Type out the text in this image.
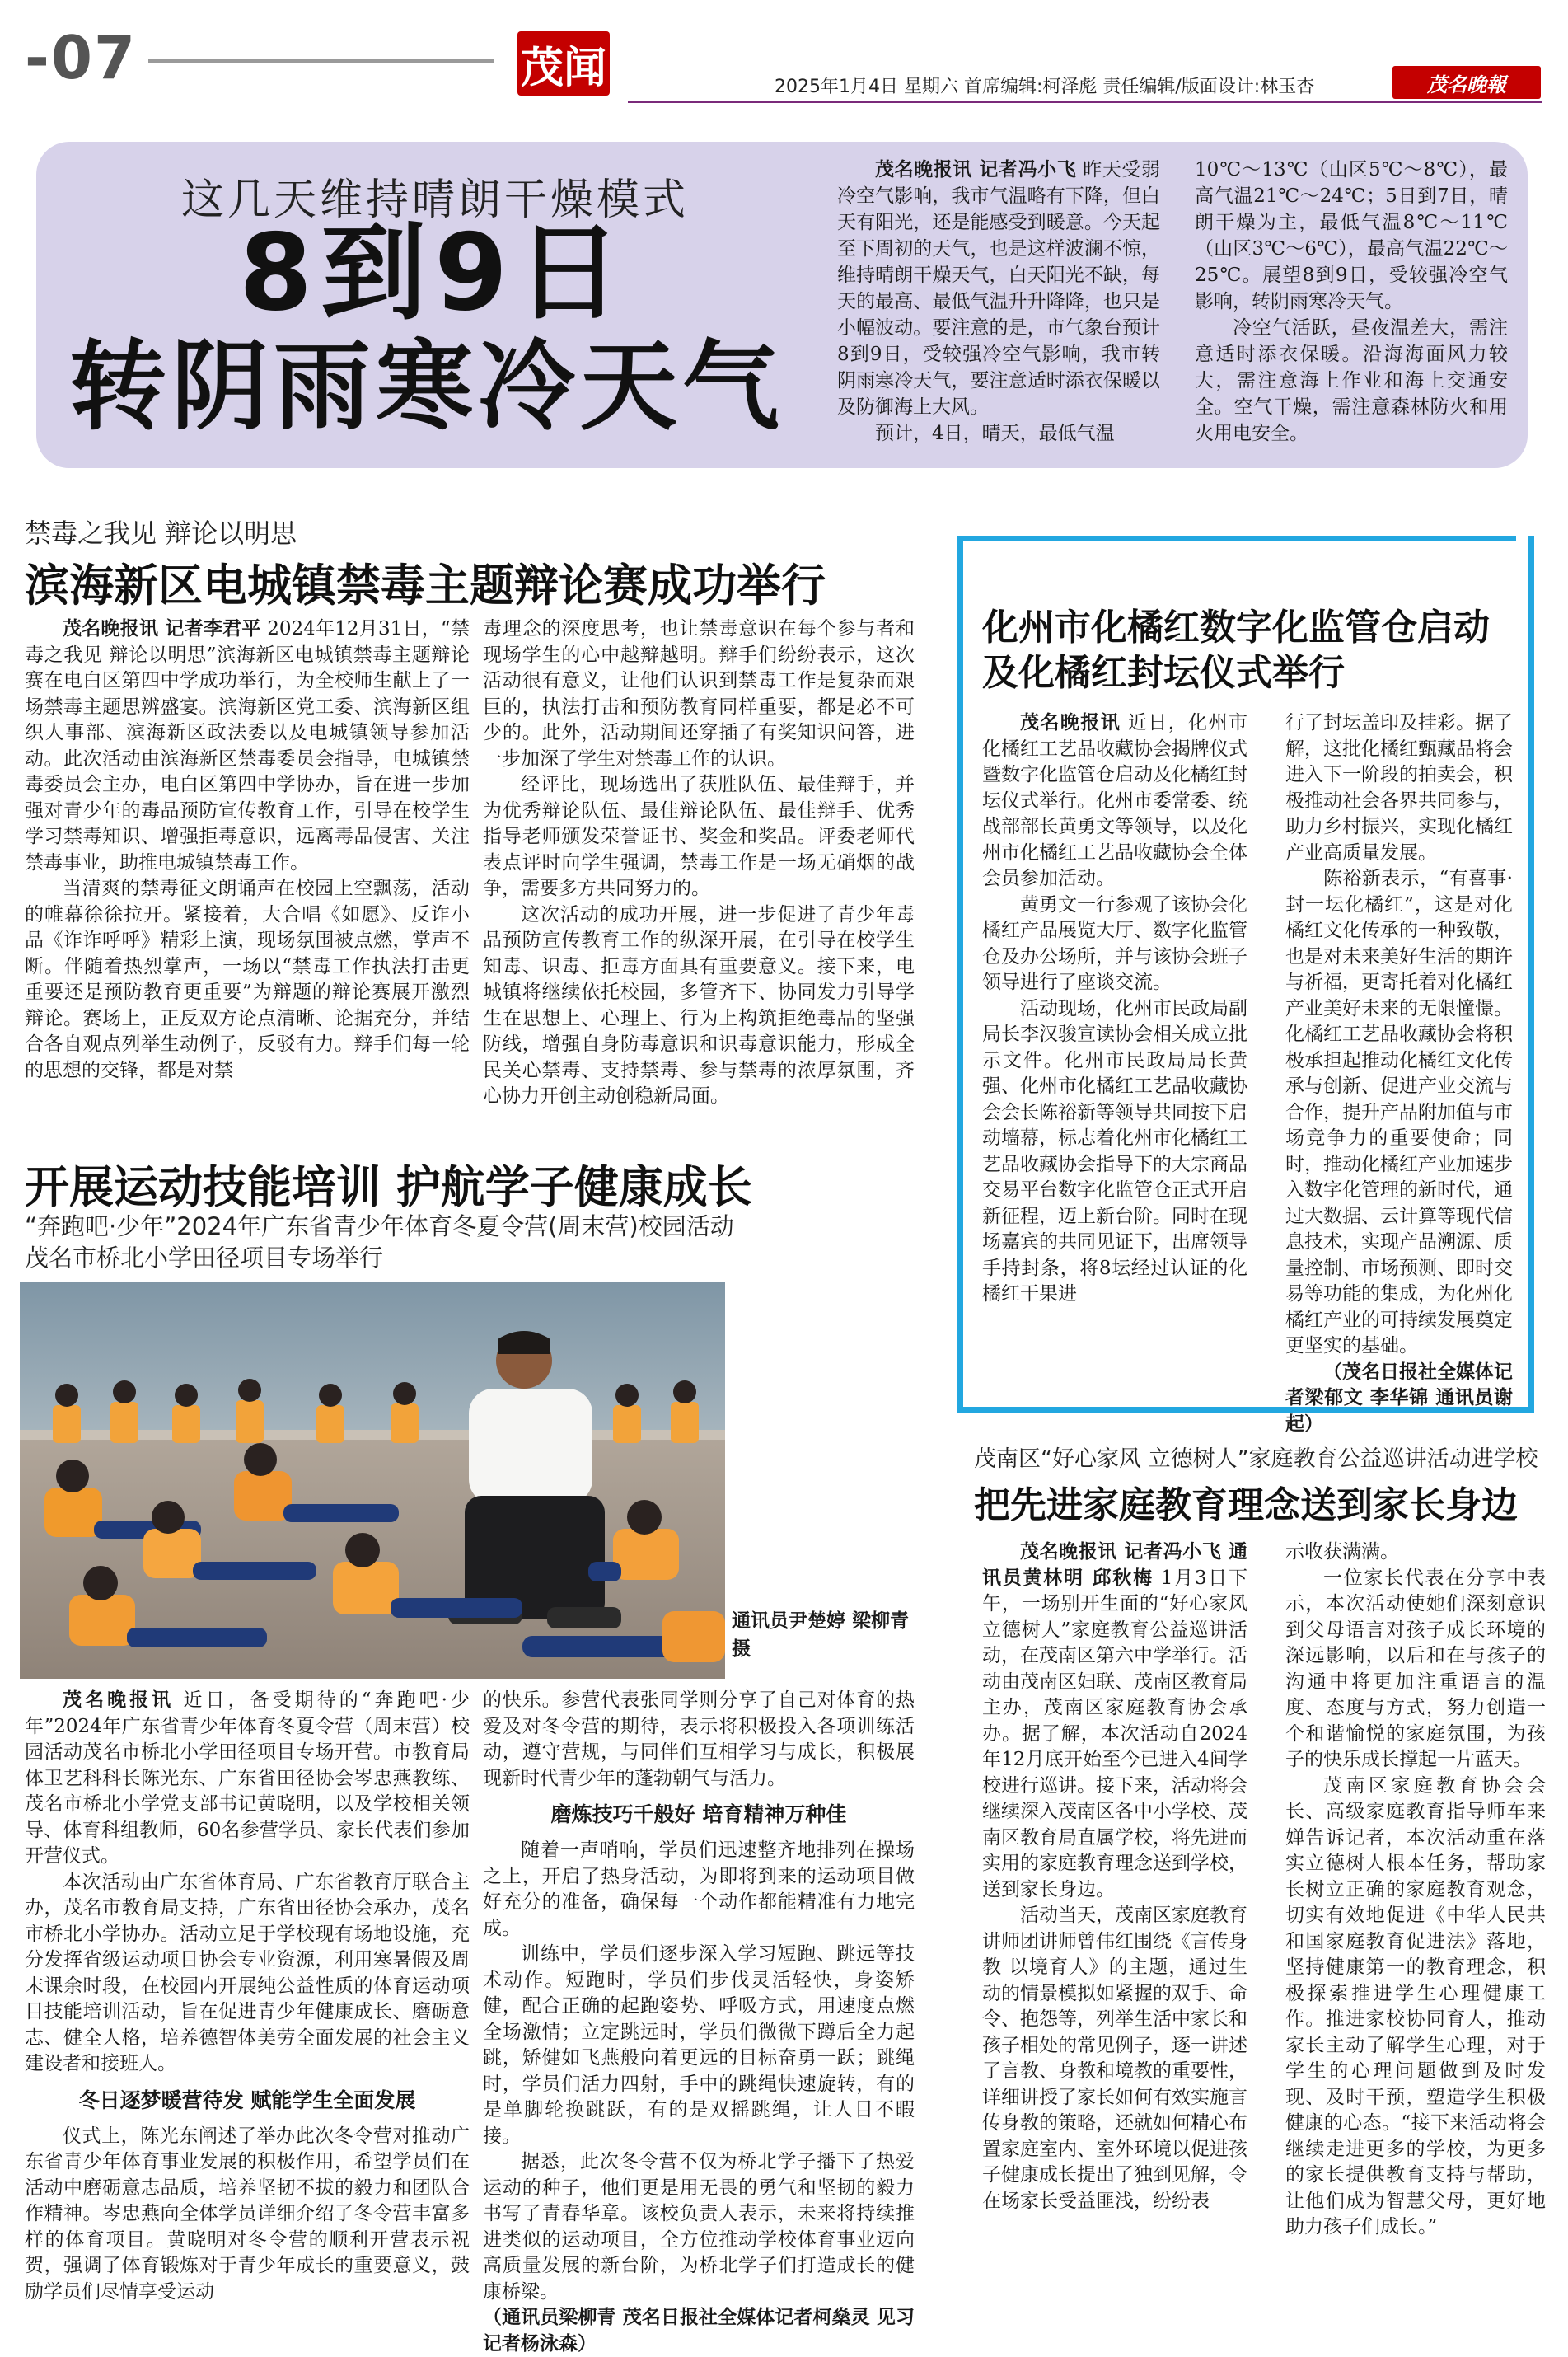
-07	茂闻	2025年1月4日 星期六 首席编辑:柯泽彪 责任编辑/版面设计:林玉杏	茂名晚報
这几天维持晴朗干燥模式
8到9日
转阴雨寒冷天气

茂名晚报讯 记者冯小飞 昨天受弱冷空气影响，我市气温略有下降，但白天有阳光，还是能感受到暖意。今天起至下周初的天气，也是这样波澜不惊，维持晴朗干燥天气，白天阳光不缺，每天的最高、最低气温升升降降，也只是小幅波动。要注意的是，市气象台预计8到9日，受较强冷空气影响，我市转阴雨寒冷天气，要注意适时添衣保暖以及防御海上大风。

预计，4日，晴天，最低气温

10℃～13℃（山区5℃～8℃），最高气温21℃～24℃；5日到7日，晴朗干燥为主，最低气温8℃～11℃（山区3℃～6℃），最高气温22℃～25℃。展望8到9日，受较强冷空气影响，转阴雨寒冷天气。

冷空气活跃，昼夜温差大，需注意适时添衣保暖。沿海海面风力较大，需注意海上作业和海上交通安全。空气干燥，需注意森林防火和用火用电安全。

禁毒之我见 辩论以明思
滨海新区电城镇禁毒主题辩论赛成功举行

茂名晚报讯 记者李君平 2024年12月31日，“禁毒之我见 辩论以明思”滨海新区电城镇禁毒主题辩论赛在电白区第四中学成功举行，为全校师生献上了一场禁毒主题思辨盛宴。滨海新区党工委、滨海新区组织人事部、滨海新区政法委以及电城镇领导参加活动。此次活动由滨海新区禁毒委员会指导，电城镇禁毒委员会主办，电白区第四中学协办，旨在进一步加强对青少年的毒品预防宣传教育工作，引导在校学生学习禁毒知识、增强拒毒意识，远离毒品侵害、关注禁毒事业，助推电城镇禁毒工作。

当清爽的禁毒征文朗诵声在校园上空飘荡，活动的帷幕徐徐拉开。紧接着，大合唱《如愿》、反诈小品《诈诈呼呼》精彩上演，现场氛围被点燃，掌声不断。伴随着热烈掌声，一场以“禁毒工作执法打击更重要还是预防教育更重要”为辩题的辩论赛展开激烈辩论。赛场上，正反双方论点清晰、论据充分，并结合各自观点列举生动例子，反驳有力。辩手们每一轮的思想的交锋，都是对禁

毒理念的深度思考，也让禁毒意识在每个参与者和现场学生的心中越辩越明。辩手们纷纷表示，这次活动很有意义，让他们认识到禁毒工作是复杂而艰巨的，执法打击和预防教育同样重要，都是必不可少的。此外，活动期间还穿插了有奖知识问答，进一步加深了学生对禁毒工作的认识。

经评比，现场选出了获胜队伍、最佳辩手，并为优秀辩论队伍、最佳辩论队伍、最佳辩手、优秀指导老师颁发荣誉证书、奖金和奖品。评委老师代表点评时向学生强调，禁毒工作是一场无硝烟的战争，需要多方共同努力的。

这次活动的成功开展，进一步促进了青少年毒品预防宣传教育工作的纵深开展，在引导在校学生知毒、识毒、拒毒方面具有重要意义。接下来，电城镇将继续依托校园，多管齐下、协同发力引导学生在思想上、心理上、行为上构筑拒绝毒品的坚强防线，增强自身防毒意识和识毒意识能力，形成全民关心禁毒、支持禁毒、参与禁毒的浓厚氛围，齐心协力开创主动创稳新局面。

开展运动技能培训 护航学子健康成长
“奔跑吧·少年”2024年广东省青少年体育冬夏令营(周末营)校园活动
茂名市桥北小学田径项目专场举行
通讯员尹楚婷 梁柳青 摄

茂名晚报讯 近日，备受期待的“奔跑吧·少年”2024年广东省青少年体育冬夏令营（周末营）校园活动茂名市桥北小学田径项目专场开营。市教育局体卫艺科科长陈光东、广东省田径协会岑忠燕教练、茂名市桥北小学党支部书记黄晓明，以及学校相关领导、体育科组教师，60名参营学员、家长代表们参加开营仪式。

本次活动由广东省体育局、广东省教育厅联合主办，茂名市教育局支持，广东省田径协会承办，茂名市桥北小学协办。活动立足于学校现有场地设施，充分发挥省级运动项目协会专业资源，利用寒暑假及周末课余时段，在校园内开展纯公益性质的体育运动项目技能培训活动，旨在促进青少年健康成长、磨砺意志、健全人格，培养德智体美劳全面发展的社会主义建设者和接班人。

冬日逐梦暖营待发 赋能学生全面发展

仪式上，陈光东阐述了举办此次冬令营对推动广东省青少年体育事业发展的积极作用，希望学员们在活动中磨砺意志品质，培养坚韧不拔的毅力和团队合作精神。岑忠燕向全体学员详细介绍了冬令营丰富多样的体育项目。黄晓明对冬令营的顺利开营表示祝贺，强调了体育锻炼对于青少年成长的重要意义，鼓励学员们尽情享受运动

的快乐。参营代表张同学则分享了自己对体育的热爱及对冬令营的期待，表示将积极投入各项训练活动，遵守营规，与同伴们互相学习与成长，积极展现新时代青少年的蓬勃朝气与活力。

磨炼技巧千般好 培育精神万种佳

随着一声哨响，学员们迅速整齐地排列在操场之上，开启了热身活动，为即将到来的运动项目做好充分的准备，确保每一个动作都能精准有力地完成。

训练中，学员们逐步深入学习短跑、跳远等技术动作。短跑时，学员们步伐灵活轻快，身姿矫健，配合正确的起跑姿势、呼吸方式，用速度点燃全场激情；立定跳远时，学员们微微下蹲后全力起跳，矫健如飞燕般向着更远的目标奋勇一跃；跳绳时，学员们活力四射，手中的跳绳快速旋转，有的是单脚轮换跳跃，有的是双摇跳绳，让人目不暇接。

据悉，此次冬令营不仅为桥北学子播下了热爱运动的种子，他们更是用无畏的勇气和坚韧的毅力书写了青春华章。该校负责人表示，未来将持续推进类似的运动项目，全方位推动学校体育事业迈向高质量发展的新台阶，为桥北学子们打造成长的健康桥梁。

（通讯员梁柳青 茂名日报社全媒体记者柯燊灵 见习记者杨泳森）

化州市化橘红数字化监管仓启动
及化橘红封坛仪式举行

茂名晚报讯 近日，化州市化橘红工艺品收藏协会揭牌仪式暨数字化监管仓启动及化橘红封坛仪式举行。化州市委常委、统战部部长黄勇文等领导，以及化州市化橘红工艺品收藏协会全体会员参加活动。

黄勇文一行参观了该协会化橘红产品展览大厅、数字化监管仓及办公场所，并与该协会班子领导进行了座谈交流。

活动现场，化州市民政局副局长李汉骏宣读协会相关成立批示文件。化州市民政局局长黄强、化州市化橘红工艺品收藏协会会长陈裕新等领导共同按下启动墙幕，标志着化州市化橘红工艺品收藏协会指导下的大宗商品交易平台数字化监管仓正式开启新征程，迈上新台阶。同时在现场嘉宾的共同见证下，出席领导手持封条，将8坛经过认证的化橘红干果进

行了封坛盖印及挂彩。据了解，这批化橘红甄藏品将会进入下一阶段的拍卖会，积极推动社会各界共同参与，助力乡村振兴，实现化橘红产业高质量发展。

陈裕新表示，“有喜事·封一坛化橘红”，这是对化橘红文化传承的一种致敬，也是对未来美好生活的期许与祈福，更寄托着对化橘红产业美好未来的无限憧憬。化橘红工艺品收藏协会将积极承担起推动化橘红文化传承与创新、促进产业交流与合作，提升产品附加值与市场竞争力的重要使命；同时，推动化橘红产业加速步入数字化管理的新时代，通过大数据、云计算等现代信息技术，实现产品溯源、质量控制、市场预测、即时交易等功能的集成，为化州化橘红产业的可持续发展奠定更坚实的基础。

（茂名日报社全媒体记者梁郁文 李华锦 通讯员谢起）

茂南区“好心家风 立德树人”家庭教育公益巡讲活动进学校
把先进家庭教育理念送到家长身边

茂名晚报讯 记者冯小飞 通讯员黄林明 邱秋梅 1月3日下午，一场别开生面的“好心家风 立德树人”家庭教育公益巡讲活动，在茂南区第六中学举行。活动由茂南区妇联、茂南区教育局主办，茂南区家庭教育协会承办。据了解，本次活动自2024年12月底开始至今已进入4间学校进行巡讲。接下来，活动将会继续深入茂南区各中小学校、茂南区教育局直属学校，将先进而实用的家庭教育理念送到学校，送到家长身边。

活动当天，茂南区家庭教育讲师团讲师曾伟红围绕《言传身教 以境育人》的主题，通过生动的情景模拟如紧握的双手、命令、抱怨等，列举生活中家长和孩子相处的常见例子，逐一讲述了言教、身教和境教的重要性，详细讲授了家长如何有效实施言传身教的策略，还就如何精心布置家庭室内、室外环境以促进孩子健康成长提出了独到见解，令在场家长受益匪浅，纷纷表

示收获满满。

一位家长代表在分享中表示，本次活动使她们深刻意识到父母语言对孩子成长环境的深远影响，以后和在与孩子的沟通中将更加注重语言的温度、态度与方式，努力创造一个和谐愉悦的家庭氛围，为孩子的快乐成长撑起一片蓝天。

茂南区家庭教育协会会长、高级家庭教育指导师车来婵告诉记者，本次活动重在落实立德树人根本任务，帮助家长树立正确的家庭教育观念，切实有效地促进《中华人民共和国家庭教育促进法》落地，坚持健康第一的教育理念，积极探索推进学生心理健康工作。推进家校协同育人，推动家长主动了解学生心理，对于学生的心理问题做到及时发现、及时干预，塑造学生积极健康的心态。“接下来活动将会继续走进更多的学校，为更多的家长提供教育支持与帮助，让他们成为智慧父母，更好地助力孩子们成长。”
